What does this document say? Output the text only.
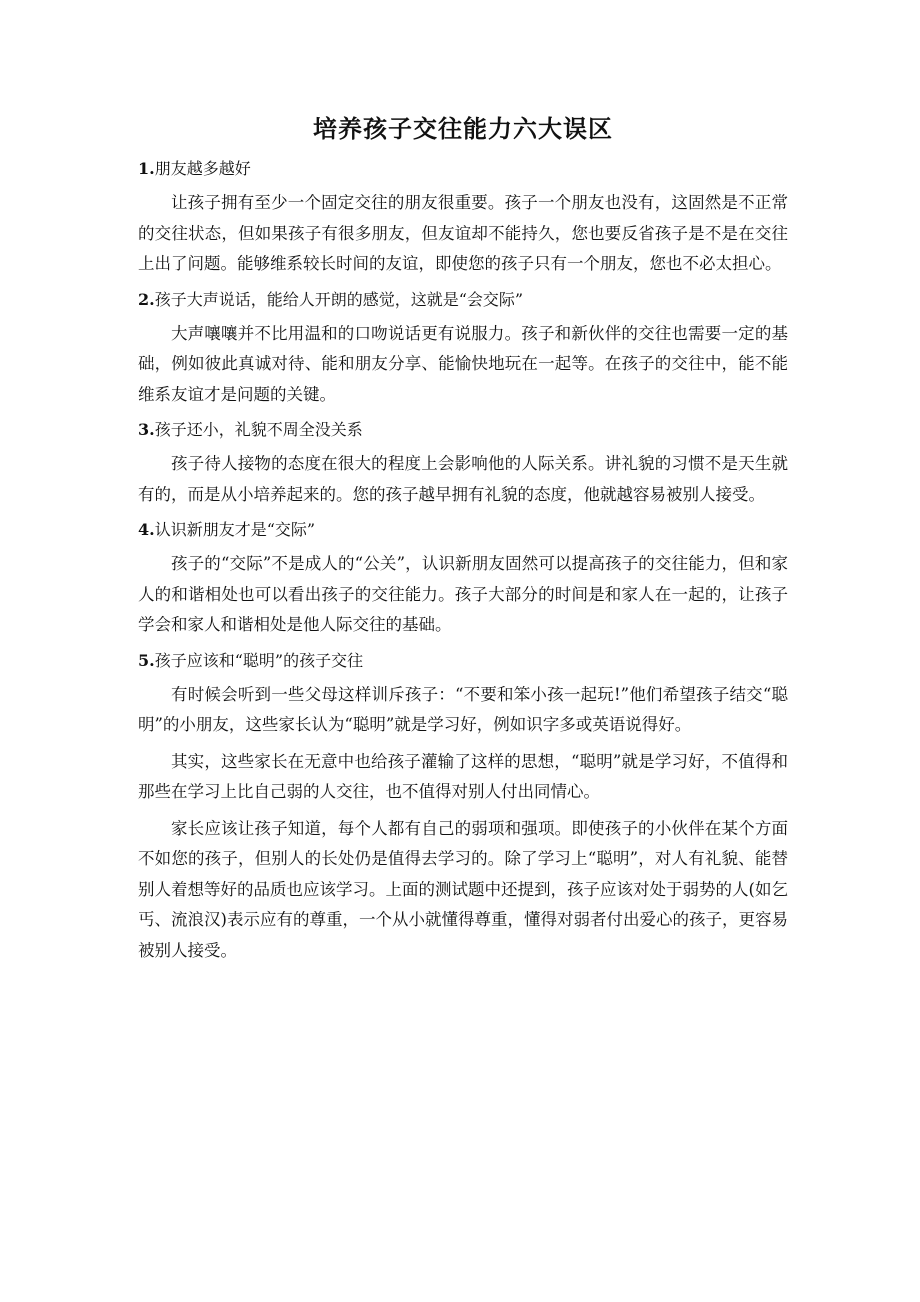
培养孩子交往能力六大误区

1.朋友越多越好

让孩子拥有至少一个固定交往的朋友很重要。孩子一个朋友也没有，这固然是不正常的交往状态，但如果孩子有很多朋友，但友谊却不能持久，您也要反省孩子是不是在交往上出了问题。能够维系较长时间的友谊，即使您的孩子只有一个朋友，您也不必太担心。

2.孩子大声说话，能给人开朗的感觉，这就是“会交际”

大声嚷嚷并不比用温和的口吻说话更有说服力。孩子和新伙伴的交往也需要一定的基础，例如彼此真诚对待、能和朋友分享、能愉快地玩在一起等。在孩子的交往中，能不能维系友谊才是问题的关键。

3.孩子还小，礼貌不周全没关系

孩子待人接物的态度在很大的程度上会影响他的人际关系。讲礼貌的习惯不是天生就有的，而是从小培养起来的。您的孩子越早拥有礼貌的态度，他就越容易被别人接受。

4.认识新朋友才是“交际”

孩子的“交际”不是成人的“公关”，认识新朋友固然可以提高孩子的交往能力，但和家人的和谐相处也可以看出孩子的交往能力。孩子大部分的时间是和家人在一起的，让孩子学会和家人和谐相处是他人际交往的基础。

5.孩子应该和“聪明”的孩子交往

有时候会听到一些父母这样训斥孩子：“不要和笨小孩一起玩!”他们希望孩子结交“聪明”的小朋友，这些家长认为“聪明”就是学习好，例如识字多或英语说得好。

其实，这些家长在无意中也给孩子灌输了这样的思想，“聪明”就是学习好，不值得和那些在学习上比自己弱的人交往，也不值得对别人付出同情心。

家长应该让孩子知道，每个人都有自己的弱项和强项。即使孩子的小伙伴在某个方面不如您的孩子，但别人的长处仍是值得去学习的。除了学习上“聪明”，对人有礼貌、能替别人着想等好的品质也应该学习。上面的测试题中还提到，孩子应该对处于弱势的人(如乞丐、流浪汉)表示应有的尊重，一个从小就懂得尊重，懂得对弱者付出爱心的孩子，更容易被别人接受。
